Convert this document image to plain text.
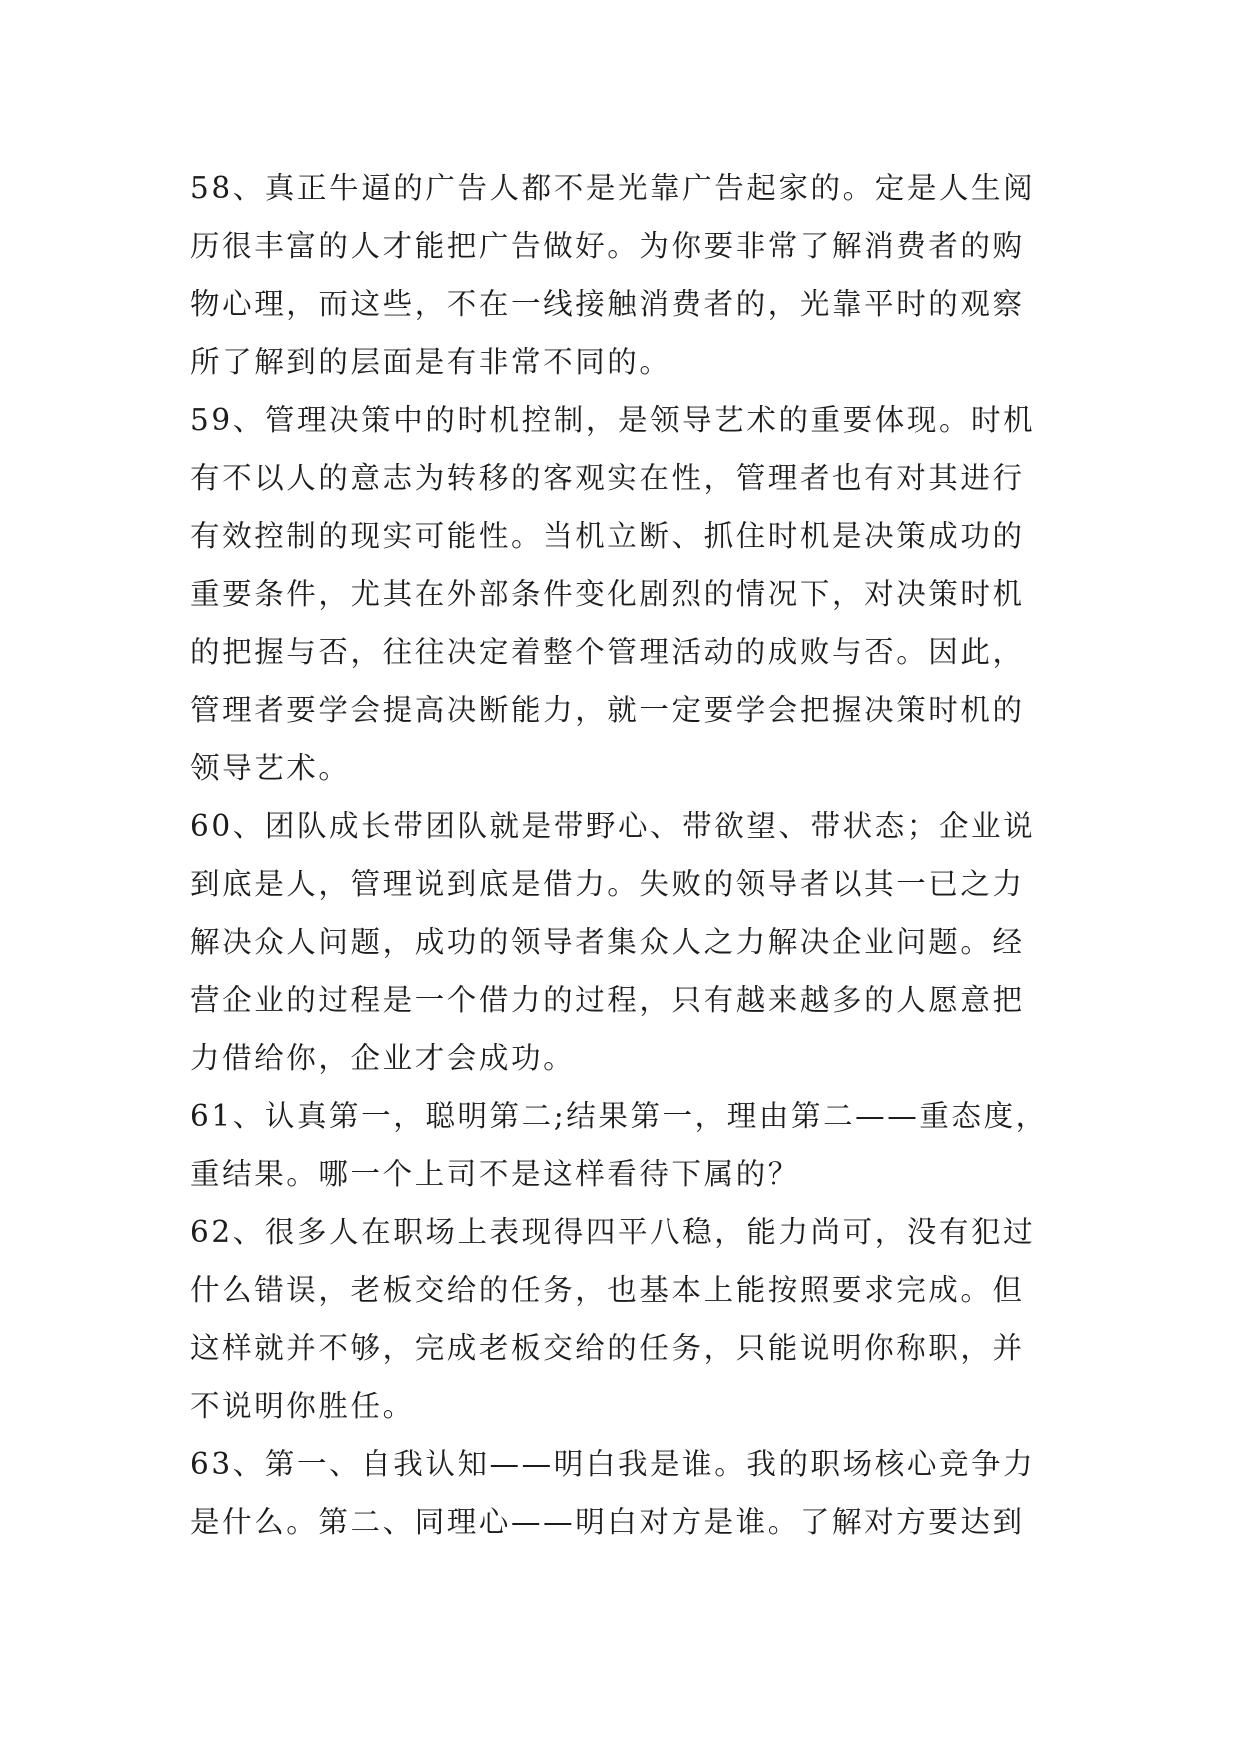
58、真正牛逼的广告人都不是光靠广告起家的。定是人生阅
历很丰富的人才能把广告做好。为你要非常了解消费者的购
物心理，而这些，不在一线接触消费者的，光靠平时的观察
所了解到的层面是有非常不同的。
59、管理决策中的时机控制，是领导艺术的重要体现。时机
有不以人的意志为转移的客观实在性，管理者也有对其进行
有效控制的现实可能性。当机立断、抓住时机是决策成功的
重要条件，尤其在外部条件变化剧烈的情况下，对决策时机
的把握与否，往往决定着整个管理活动的成败与否。因此，
管理者要学会提高决断能力，就一定要学会把握决策时机的
领导艺术。
60、团队成长带团队就是带野心、带欲望、带状态；企业说
到底是人，管理说到底是借力。失败的领导者以其一已之力
解决众人问题，成功的领导者集众人之力解决企业问题。经
营企业的过程是一个借力的过程，只有越来越多的人愿意把
力借给你，企业才会成功。
61、认真第一，聪明第二;结果第一，理由第二——重态度，
重结果。哪一个上司不是这样看待下属的？
62、很多人在职场上表现得四平八稳，能力尚可，没有犯过
什么错误，老板交给的任务，也基本上能按照要求完成。但
这样就并不够，完成老板交给的任务，只能说明你称职，并
不说明你胜任。
63、第一、自我认知——明白我是谁。我的职场核心竞争力
是什么。第二、同理心——明白对方是谁。了解对方要达到
